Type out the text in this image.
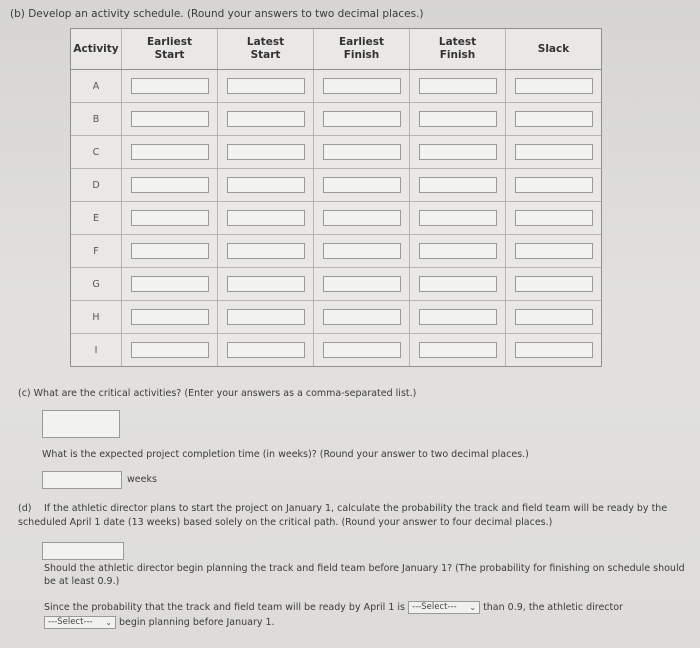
(b) Develop an activity schedule. (Round your answers to two decimal places.)
Activity
Earliest
Start
Latest
Start
Earliest
Finish
Latest
Finish
Slack
A
B
C
D
E
F
G
H
I
(c) What are the critical activities? (Enter your answers as a comma-separated list.)
What is the expected project completion time (in weeks)? (Round your answer to two decimal places.)
weeks
(d) If the athletic director plans to start the project on January 1, calculate the probability the track and field team will be ready by the scheduled April 1 date (13 weeks) based solely on the critical path. (Round your answer to four decimal places.)
Should the athletic director begin planning the track and field team before January 1? (The probability for finishing on schedule should be at least 0.9.)
Since the probability that the track and field team will be ready by April 1 is ---Select--- ⌄ than 0.9, the athletic director

---Select--- ⌄ begin planning before January 1.
